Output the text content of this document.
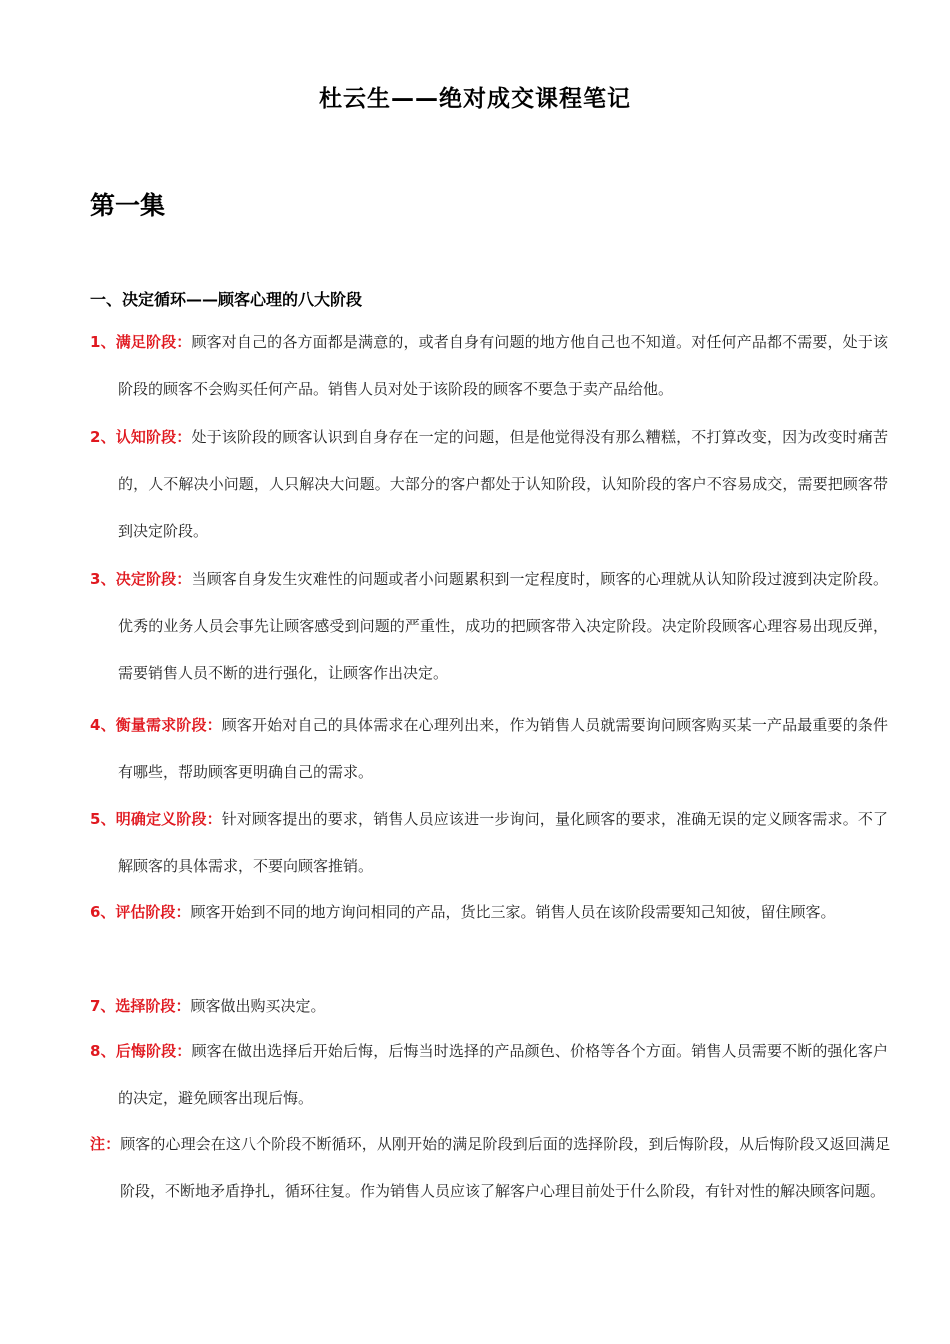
杜云生——绝对成交课程笔记
第一集
一、决定循环——顾客心理的八大阶段
1、满足阶段：顾客对自己的各方面都是满意的，或者自身有问题的地方他自己也不知道。对任何产品都不需要，处于该阶段的顾客不会购买任何产品。销售人员对处于该阶段的顾客不要急于卖产品给他。
2、认知阶段：处于该阶段的顾客认识到自身存在一定的问题，但是他觉得没有那么糟糕，不打算改变，因为改变时痛苦的，人不解决小问题，人只解决大问题。大部分的客户都处于认知阶段，认知阶段的客户不容易成交，需要把顾客带到决定阶段。
3、决定阶段：当顾客自身发生灾难性的问题或者小问题累积到一定程度时，顾客的心理就从认知阶段过渡到决定阶段。优秀的业务人员会事先让顾客感受到问题的严重性，成功的把顾客带入决定阶段。决定阶段顾客心理容易出现反弹，需要销售人员不断的进行强化，让顾客作出决定。
4、衡量需求阶段：顾客开始对自己的具体需求在心理列出来，作为销售人员就需要询问顾客购买某一产品最重要的条件有哪些，帮助顾客更明确自己的需求。
5、明确定义阶段：针对顾客提出的要求，销售人员应该进一步询问，量化顾客的要求，准确无误的定义顾客需求。不了解顾客的具体需求，不要向顾客推销。
6、评估阶段：顾客开始到不同的地方询问相同的产品，货比三家。销售人员在该阶段需要知己知彼，留住顾客。
7、选择阶段：顾客做出购买决定。
8、后悔阶段：顾客在做出选择后开始后悔，后悔当时选择的产品颜色、价格等各个方面。销售人员需要不断的强化客户的决定，避免顾客出现后悔。
注：顾客的心理会在这八个阶段不断循环，从刚开始的满足阶段到后面的选择阶段，到后悔阶段，从后悔阶段又返回满足阶段，不断地矛盾挣扎，循环往复。作为销售人员应该了解客户心理目前处于什么阶段，有针对性的解决顾客问题。
